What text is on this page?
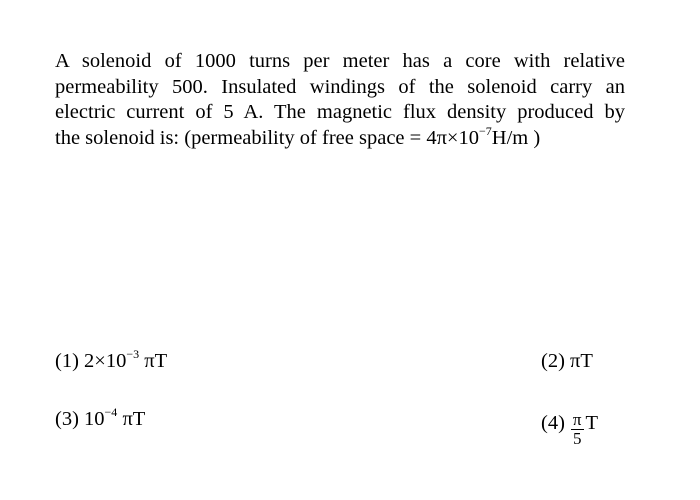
A solenoid of 1000 turns per meter has a core with relative
permeability 500. Insulated windings of the solenoid carry an
electric current of 5 A. The magnetic flux density produced by
the solenoid is: (permeability of free space = $4\pi\times 10^{-7}H/m$ )
(1) $2\times 10^{-3}$ πT	(2) πT
(3) $10^{-4}$ πT	$(4) \frac{\pi}{5}$ T
